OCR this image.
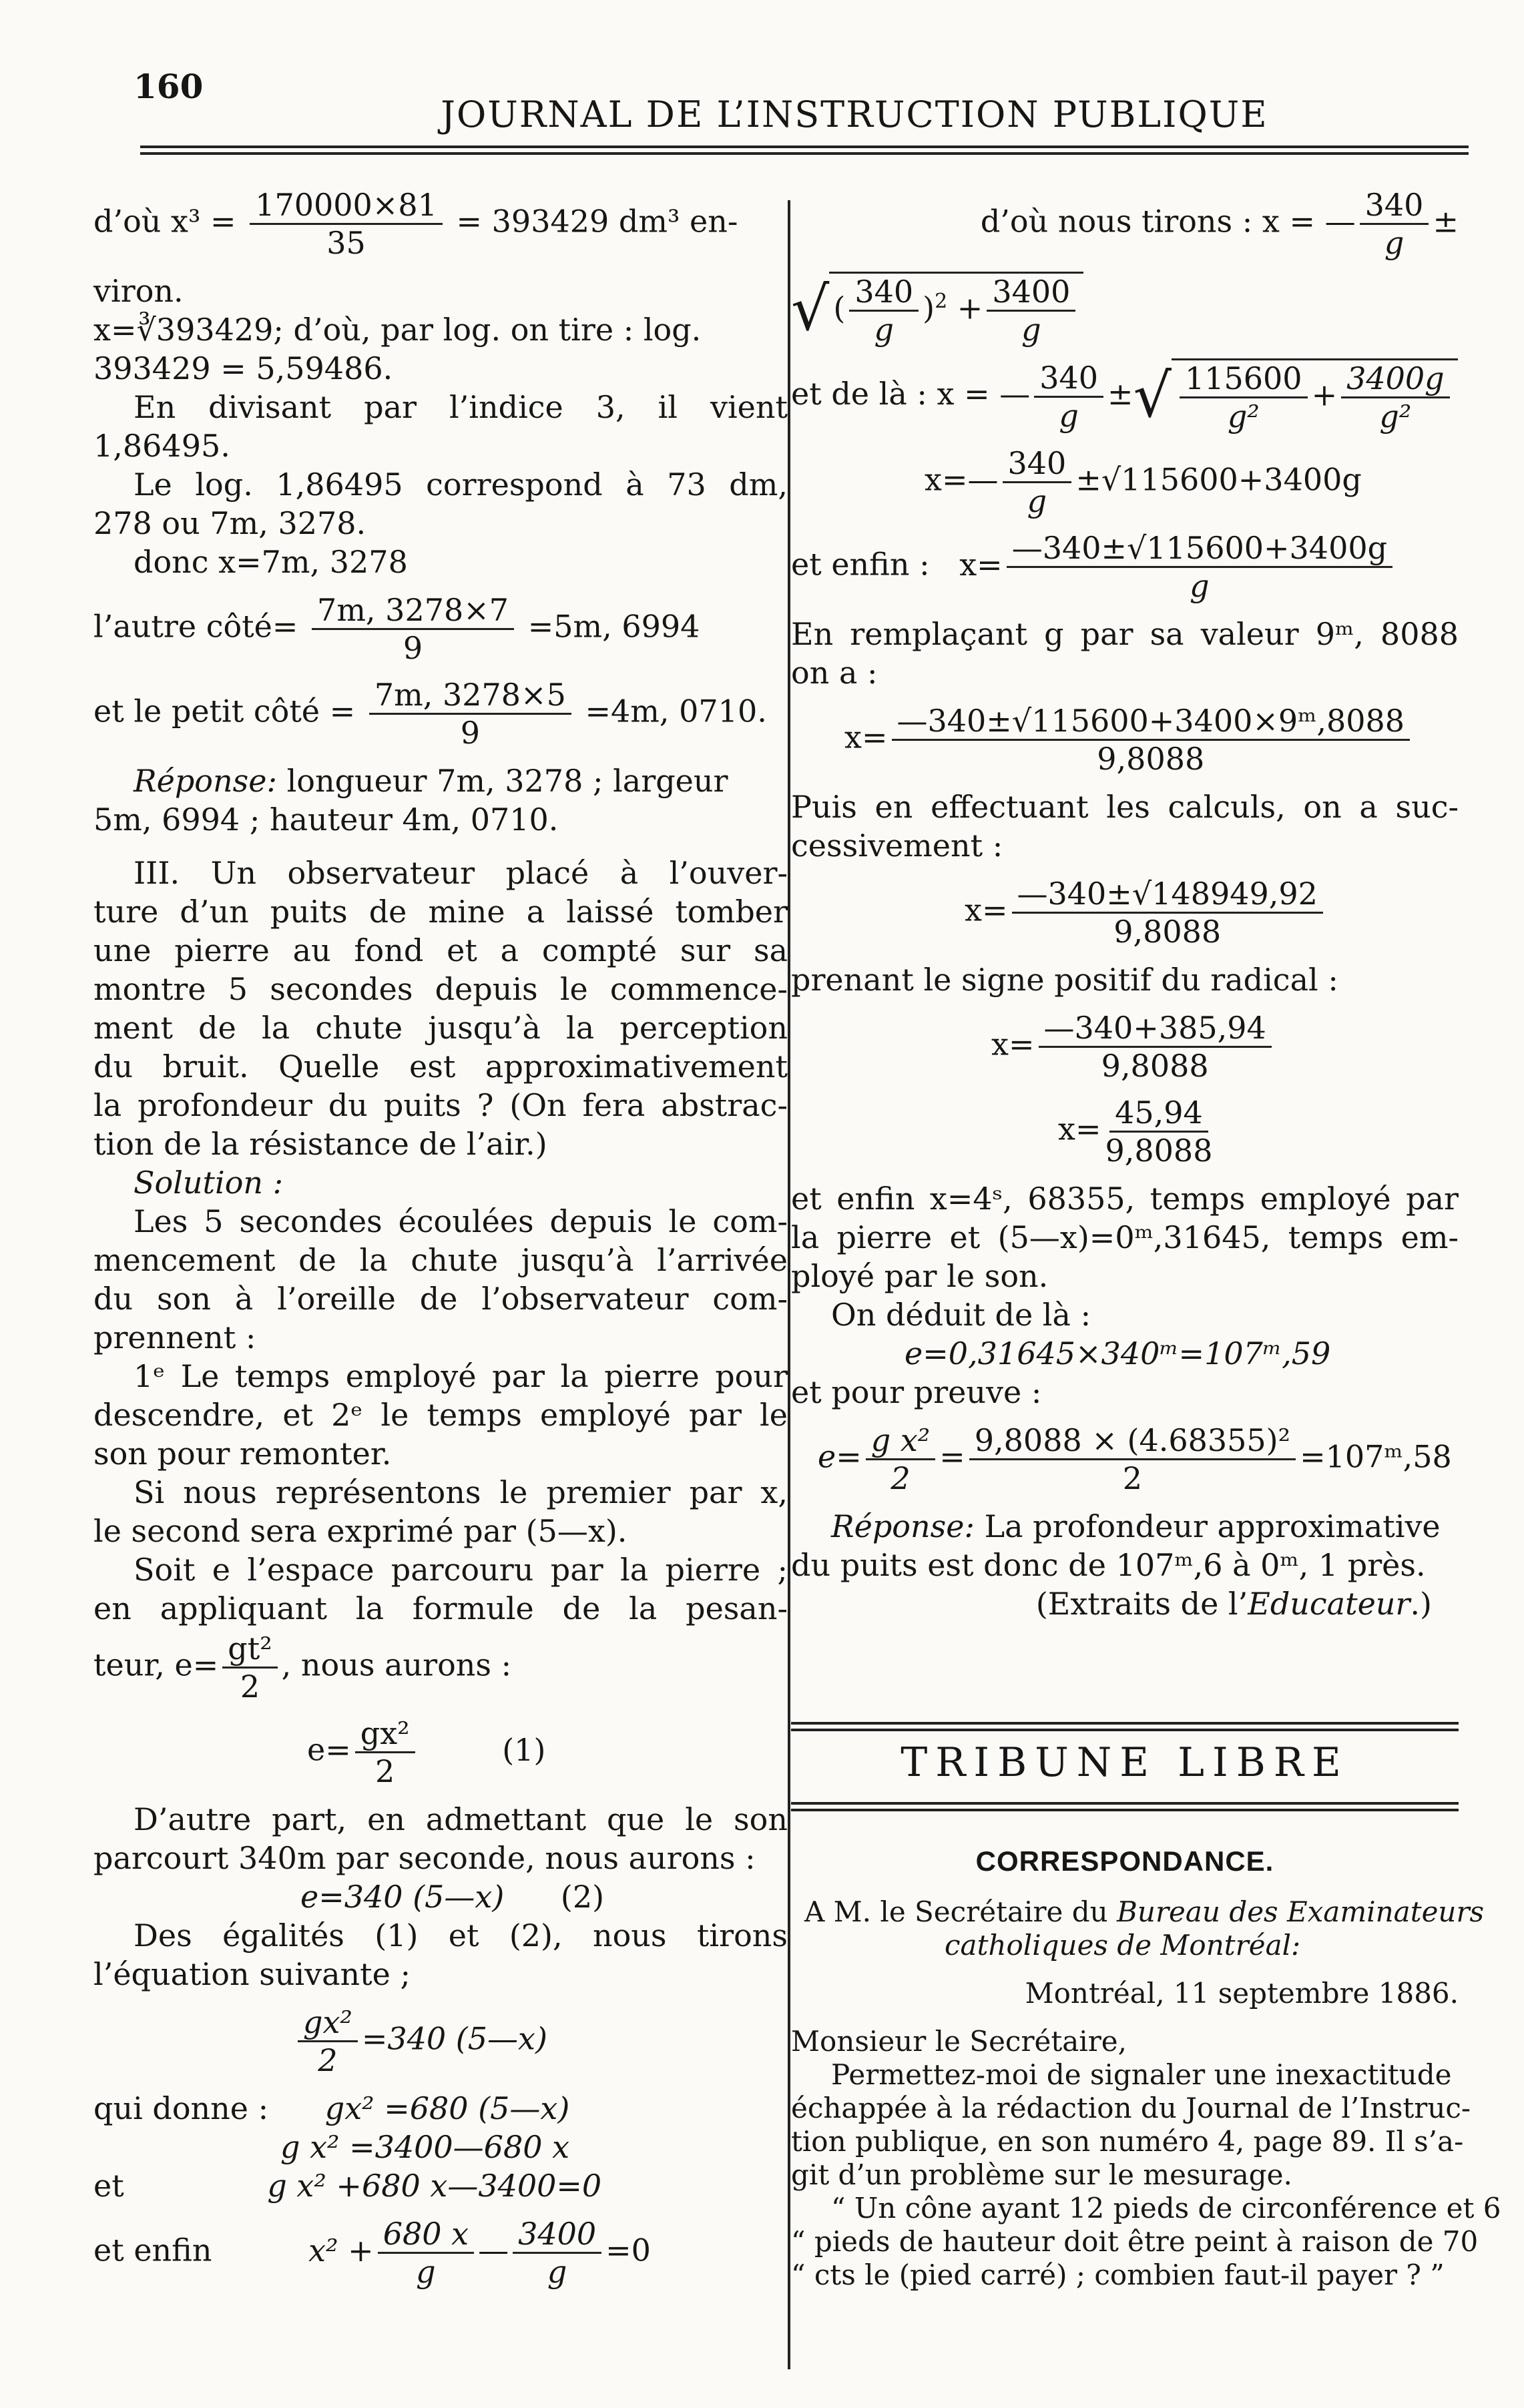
160
JOURNAL DE L’INSTRUCTION PUBLIQUE
d’où $x^3 = \frac{170000\times 81}{35} = 393429$ dm³ en-
viron.
x=∛393429; d’où, par log. on tire : log.
393429 = 5,59486.
En divisant par l’indice 3, il vient
1,86495.
Le log. 1,86495 correspond à 73 dm,
278 ou 7m, 3278.
donc x=7m, 3278
l’autre côté= $\frac{7m, 3278\times 7}{9} =5m$, 6994
et le petit côté = $\frac{7m, 3278\times 5}{9} =4m$, 0710.
Réponse: longueur 7m, 3278 ; largeur
5m, 6994 ; hauteur 4m, 0710.
III. Un observateur placé à l’ouver-
ture d’un puits de mine a laissé tomber
une pierre au fond et a compté sur sa
montre 5 secondes depuis le commence-
ment de la chute jusqu’à la perception
du bruit. Quelle est approximativement
la profondeur du puits ? (On fera abstrac-
tion de la résistance de l’air.)
Solution :
Les 5 secondes écoulées depuis le com-
mencement de la chute jusqu’à l’arrivée
du son à l’oreille de l’observateur com-
prennent :
1ᵉ Le temps employé par la pierre pour
descendre, et 2ᵉ le temps employé par le
son pour remonter.
Si nous représentons le premier par x,
le second sera exprimé par (5—x).
Soit e l’espace parcouru par la pierre ;
en appliquant la formule de la pesan-
teur, $e= \frac{\text{gt²}}{2}$ , nous aurons :
$e= \frac{\text{gx²}}{2}$	(1)
D’autre part, en admettant que le son
parcourt 340m par seconde, nous aurons :
e=340 (5—x) (2)
Des égalités (1) et (2), nous tirons
l’équation suivante ;
$\frac{\text{gx²}}{2} =340$ (5—x)
qui donne : gx² =680 (5—x)
g x² =3400—680 x
et	g x² +680 x—3400=0
et enfin	$x^2 + \frac{680 x}{g}$ — $\frac{3400}{g} =0$
d’où nous tirons : x = — $\frac{340}{g}$ ±
√ ( $\frac{340}{g} )^2 + \frac{3400}{g}$
et de là : x = — $\frac{340}{g}$ ± √ $\frac{115600}{\text{g²}} + \frac{3400g}{\text{g²}}$
x=— $\frac{340}{g} \pm√115600+3400g$
et enfin : $x= \frac{—340\pm√115600+3400g}{g}$
En remplaçant g par sa valeur 9ᵐ, 8088
on a :
$x= \frac{\text{—340±√115600+3400×9ᵐ,8088}}{9,8088}$
Puis en effectuant les calculs, on a suc-
cessivement :
$x= \frac{—340\pm√148949,92}{9,8088}$
prenant le signe positif du radical :
$x= \frac{—340+385,94}{9,8088}$
$x= \frac{45,94}{9,8088}$
et enfin x=4ˢ, 68355, temps employé par
la pierre et (5—x)=0ᵐ,31645, temps em-
ployé par le son.
On déduit de là :
e=0,31645×340ᵐ=107ᵐ,59
et pour preuve :
$e= \frac{\text{g x²}}{2} = \frac{\text{9,8088 × (4.68355)²}}{2}$ =107ᵐ,58
Réponse: La profondeur approximative
du puits est donc de 107ᵐ,6 à 0ᵐ, 1 près.
(Extraits de l’Educateur.)
TRIBUNE LIBRE
CORRESPONDANCE.
A M. le Secrétaire du Bureau des Examinateurs
catholiques de Montréal:
Montréal, 11 septembre 1886.
Monsieur le Secrétaire,
Permettez-moi de signaler une inexactitude
échappée à la rédaction du Journal de l’Instruc-
tion publique, en son numéro 4, page 89. Il s’a-
git d’un problème sur le mesurage.
“ Un cône ayant 12 pieds de circonférence et 6
“ pieds de hauteur doit être peint à raison de 70
“ cts le (pied carré) ; combien faut-il payer ? ”
